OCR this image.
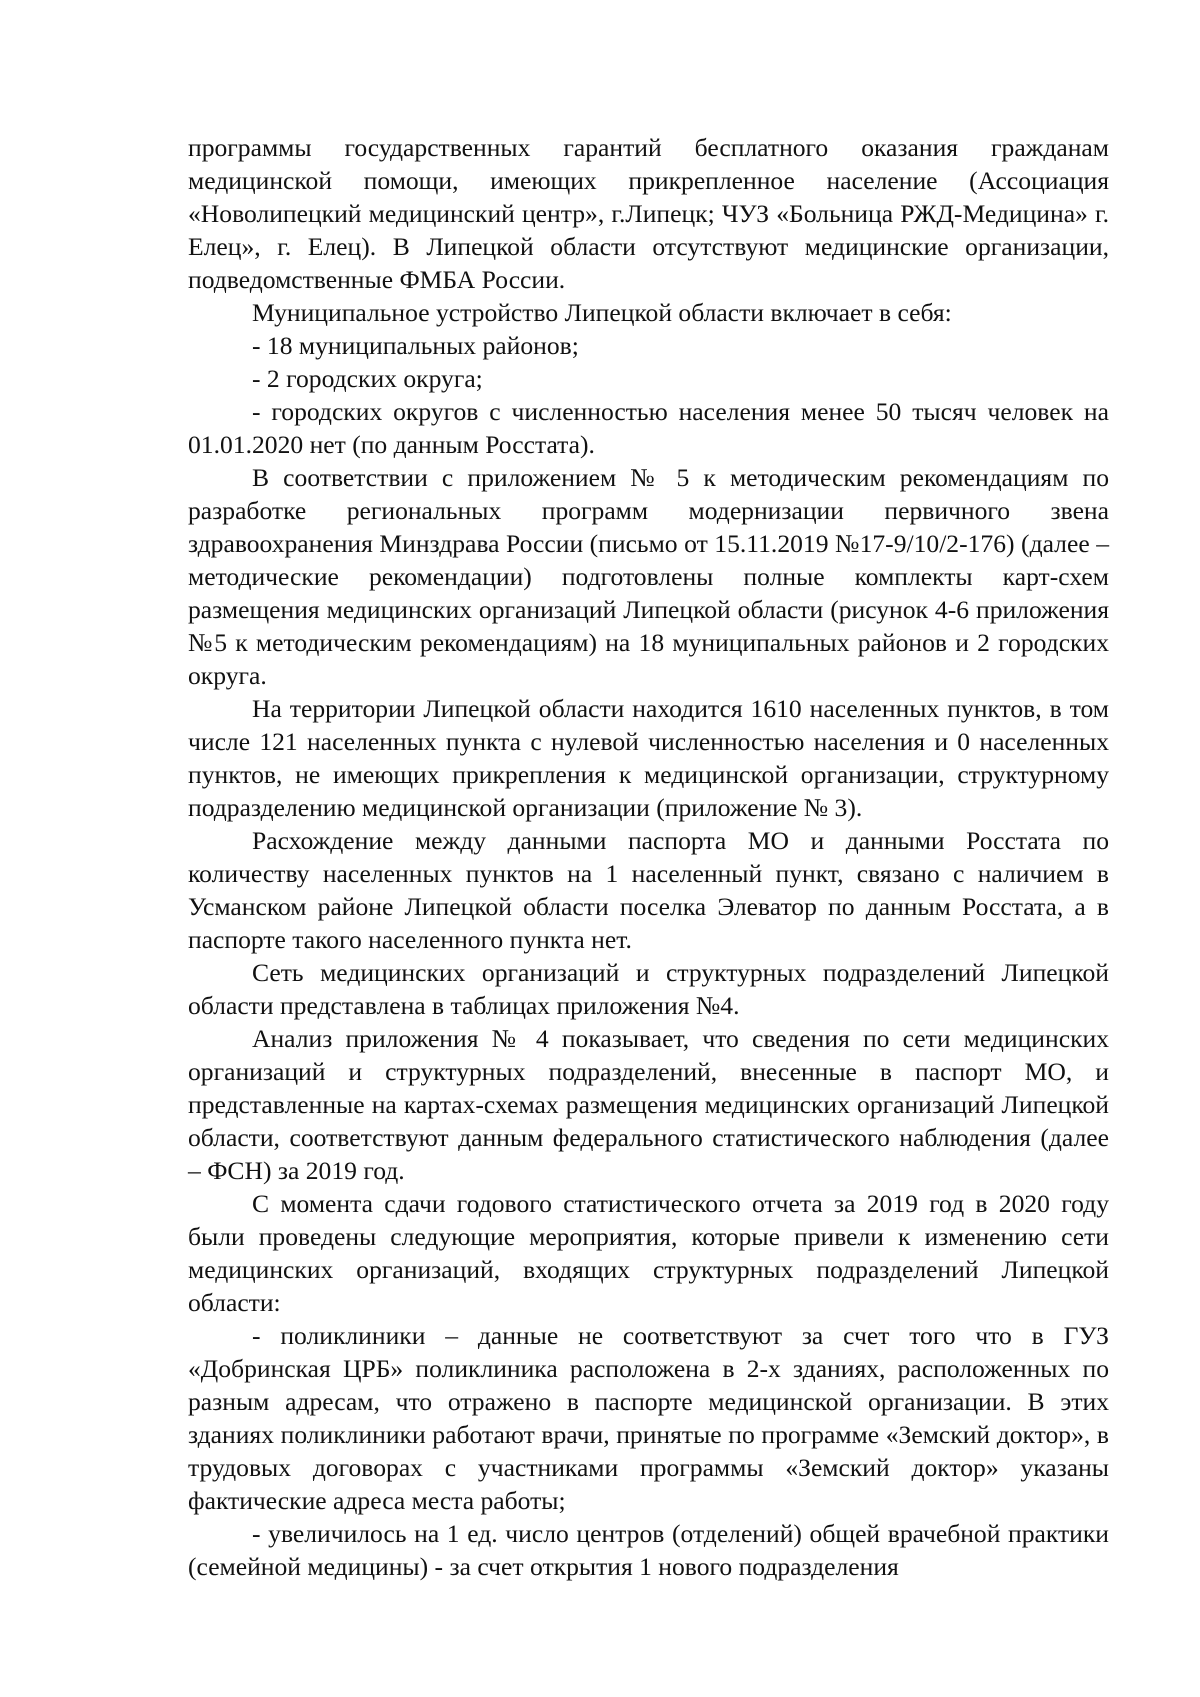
программы государственных гарантий бесплатного оказания гражданам медицинской помощи, имеющих прикрепленное население (Ассоциация «Новолипецкий медицинский центр», г.Липецк; ЧУЗ «Больница РЖД-Медицина» г. Елец», г. Елец). В Липецкой области отсутствуют медицинские организации, подведомственные ФМБА России.

Муниципальное устройство Липецкой области включает в себя:

- 18 муниципальных районов;

- 2 городских округа;

- городских округов с численностью населения менее 50 тысяч человек на 01.01.2020 нет (по данным Росстата).

В соответствии с приложением № 5 к методическим рекомендациям по разработке региональных программ модернизации первичного звена здравоохранения Минздрава России (письмо от 15.11.2019 №17-9/10/2-176) (далее – методические рекомендации) подготовлены полные комплекты карт-схем размещения медицинских организаций Липецкой области (рисунок 4-6 приложения №5 к методическим рекомендациям) на 18 муниципальных районов и 2 городских округа.

На территории Липецкой области находится 1610 населенных пунктов, в том числе 121 населенных пункта с нулевой численностью населения и 0 населенных пунктов, не имеющих прикрепления к медицинской организации, структурному подразделению медицинской организации (приложение № 3).

Расхождение между данными паспорта МО и данными Росстата по количеству населенных пунктов на 1 населенный пункт, связано с наличием в Усманском районе Липецкой области поселка Элеватор по данным Росстата, а в паспорте такого населенного пункта нет.

Сеть медицинских организаций и структурных подразделений Липецкой области представлена в таблицах приложения №4.

Анализ приложения № 4 показывает, что сведения по сети медицинских организаций и структурных подразделений, внесенные в паспорт МО, и представленные на картах-схемах размещения медицинских организаций Липецкой области, соответствуют данным федерального статистического наблюдения (далее – ФСН) за 2019 год.

С момента сдачи годового статистического отчета за 2019 год в 2020 году были проведены следующие мероприятия, которые привели к изменению сети медицинских организаций, входящих структурных подразделений Липецкой области:

- поликлиники – данные не соответствуют за счет того что в ГУЗ «Добринская ЦРБ» поликлиника расположена в 2-х зданиях, расположенных по разным адресам, что отражено в паспорте медицинской организации. В этих зданиях поликлиники работают врачи, принятые по программе «Земский доктор», в трудовых договорах с участниками программы «Земский доктор» указаны фактические адреса места работы;

- увеличилось на 1 ед. число центров (отделений) общей врачебной практики (семейной медицины) - за счет открытия 1 нового подразделения
